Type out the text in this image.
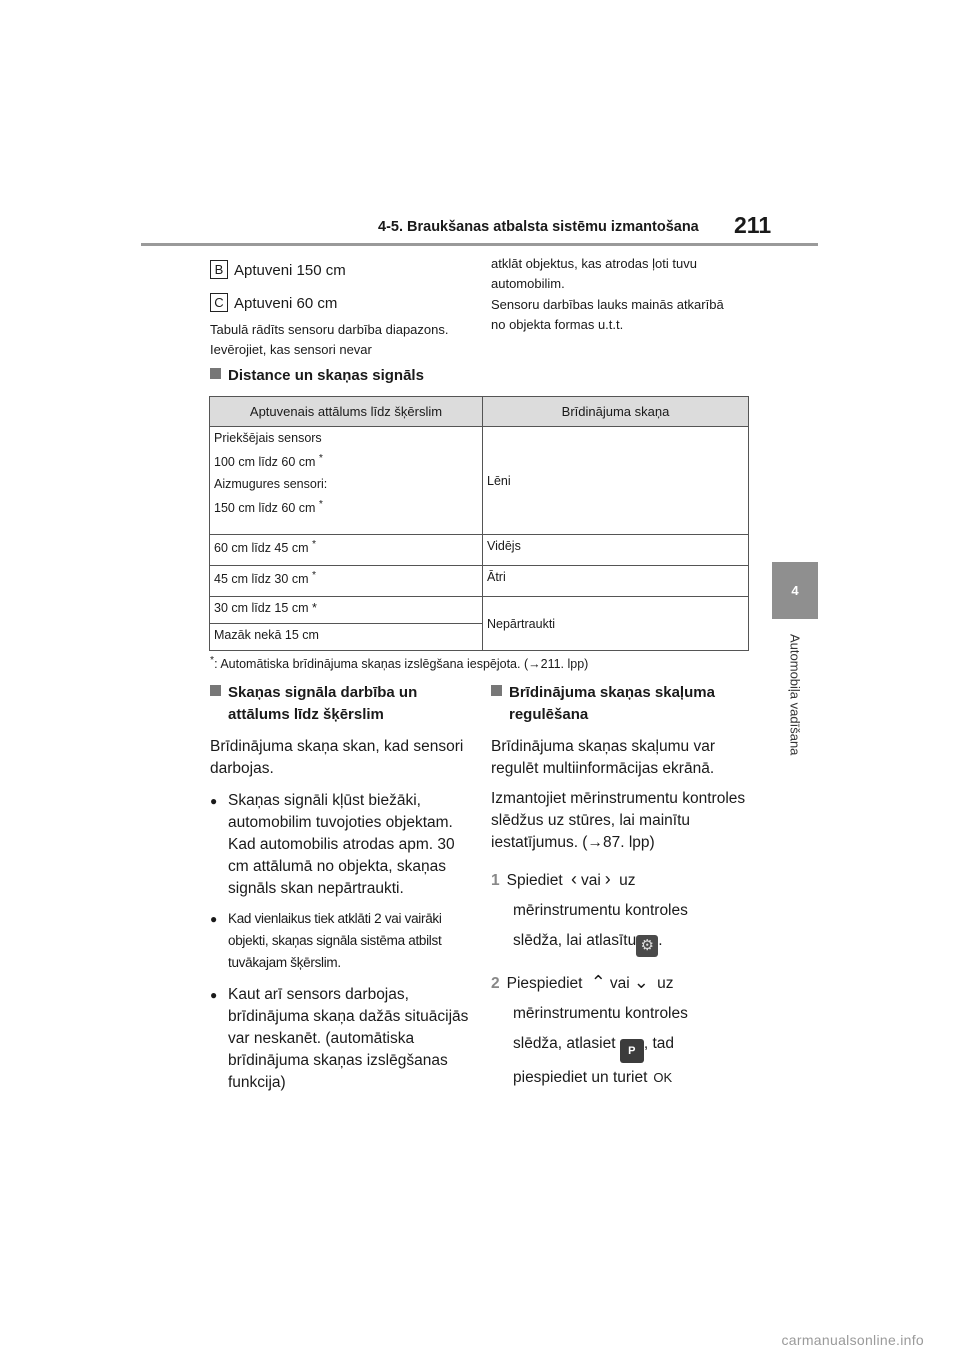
4-5. Braukšanas atbalsta sistēmu izmantošana 211
4
Automobiļa vadīšana
B Aptuveni 150 cm
C Aptuveni 60 cm
Tabulā rādīts sensoru darbība diapazons. Ievērojiet, kas sensori nevar
atklāt objektus, kas atrodas ļoti tuvu automobilim.
Sensoru darbības lauks mainās atkarībā no objekta formas u.t.t.
Distance un skaņas signāls
Aptuvenais attālums līdz šķērslim	Brīdinājuma skaņa

Priekšējais sensors

100 cm līdz 60 cm *

Aizmugures sensori:

150 cm līdz 60 cm *	Lēni
60 cm līdz 45 cm *	Vidējs
45 cm līdz 30 cm *	Ātri
30 cm līdz 15 cm *	Nepārtraukti
Mazāk nekā 15 cm	
*: Automātiska brīdinājuma skaņas izslēgšana iespējota. (→211. lpp)
Skaņas signāla darbība un
attālums līdz šķērslim
Brīdinājuma skaņa skan, kad sensori darbojas.
● Skaņas signāli kļūst biežāki, automobilim tuvojoties objektam. Kad automobilis atrodas apm. 30 cm attālumā no objekta, skaņas signāls skan nepārtraukti.
● Kad vienlaikus tiek atklāti 2 vai vairāki objekti, skaņas signāla sistēma atbilst tuvākajam šķērslim.
● Kaut arī sensors darbojas, brīdinājuma skaņa dažās situācijās var neskanēt. (automātiska brīdinājuma skaņas izslēgšanas funkcija)
Brīdinājuma skaņas skaļuma
regulēšana
Brīdinājuma skaņas skaļumu var regulēt multiinformācijas ekrānā.
Izmantojiet mērinstrumentu kontroles slēdžus uz stūres, lai mainītu iestatījumus. (→87. lpp)
1 Spiediet ‹ vai › uz
mērinstrumentu kontroles
slēdža, lai atlasītu ⚙ .
2 Piespiediet ⌃ vai ⌄ uz
mērinstrumentu kontroles
slēdža, atlasiet P , tad
piespiediet un turiet OK
carmanualsonline.info
